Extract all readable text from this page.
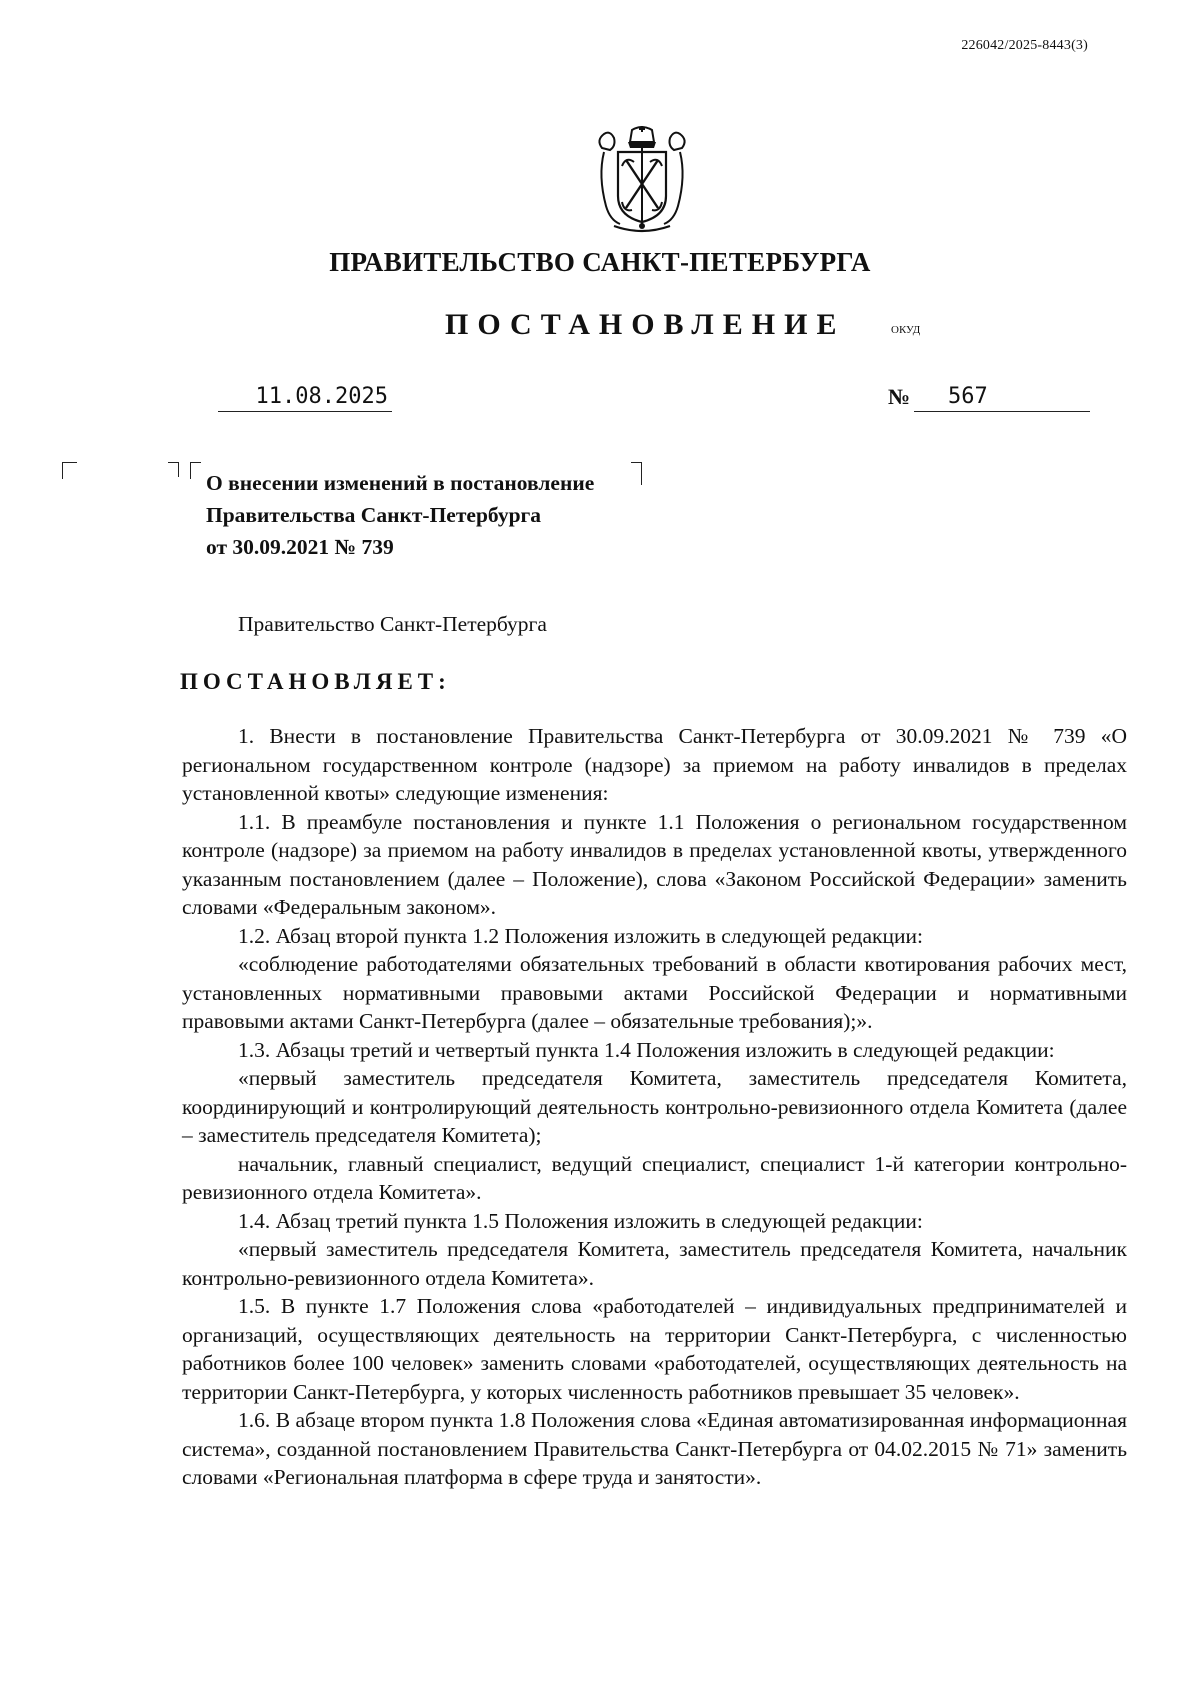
226042/2025-8443(3)
ПРАВИТЕЛЬСТВО САНКТ-ПЕТЕРБУРГА
ПОСТАНОВЛЕНИЕ	ОКУД
11.08.2025	№	567
О внесении изменений в постановление
Правительства Санкт-Петербурга
от 30.09.2021 № 739
Правительство Санкт-Петербурга
ПОСТАНОВЛЯЕТ:

1. Внести в постановление Правительства Санкт-Петербурга от 30.09.2021 № 739 «О региональном государственном контроле (надзоре) за приемом на работу инвалидов в пределах установленной квоты» следующие изменения:

1.1. В преамбуле постановления и пункте 1.1 Положения о региональном государственном контроле (надзоре) за приемом на работу инвалидов в пределах установленной квоты, утвержденного указанным постановлением (далее – Положение), слова «Законом Российской Федерации» заменить словами «Федеральным законом».

1.2. Абзац второй пункта 1.2 Положения изложить в следующей редакции:

«соблюдение работодателями обязательных требований в области квотирования рабочих мест, установленных нормативными правовыми актами Российской Федерации и нормативными правовыми актами Санкт-Петербурга (далее – обязательные требования);».

1.3. Абзацы третий и четвертый пункта 1.4 Положения изложить в следующей редакции:

«первый заместитель председателя Комитета, заместитель председателя Комитета, координирующий и контролирующий деятельность контрольно-ревизионного отдела Комитета (далее – заместитель председателя Комитета);

начальник, главный специалист, ведущий специалист, специалист 1-й категории контрольно-ревизионного отдела Комитета».

1.4. Абзац третий пункта 1.5 Положения изложить в следующей редакции:

«первый заместитель председателя Комитета, заместитель председателя Комитета, начальник контрольно-ревизионного отдела Комитета».

1.5. В пункте 1.7 Положения слова «работодателей – индивидуальных предпринимателей и организаций, осуществляющих деятельность на территории Санкт-Петербурга, с численностью работников более 100 человек» заменить словами «работодателей, осуществляющих деятельность на территории Санкт-Петербурга, у которых численность работников превышает 35 человек».

1.6. В абзаце втором пункта 1.8 Положения слова «Единая автоматизированная информационная система», созданной постановлением Правительства Санкт-Петербурга от 04.02.2015 № 71» заменить словами «Региональная платформа в сфере труда и занятости».
